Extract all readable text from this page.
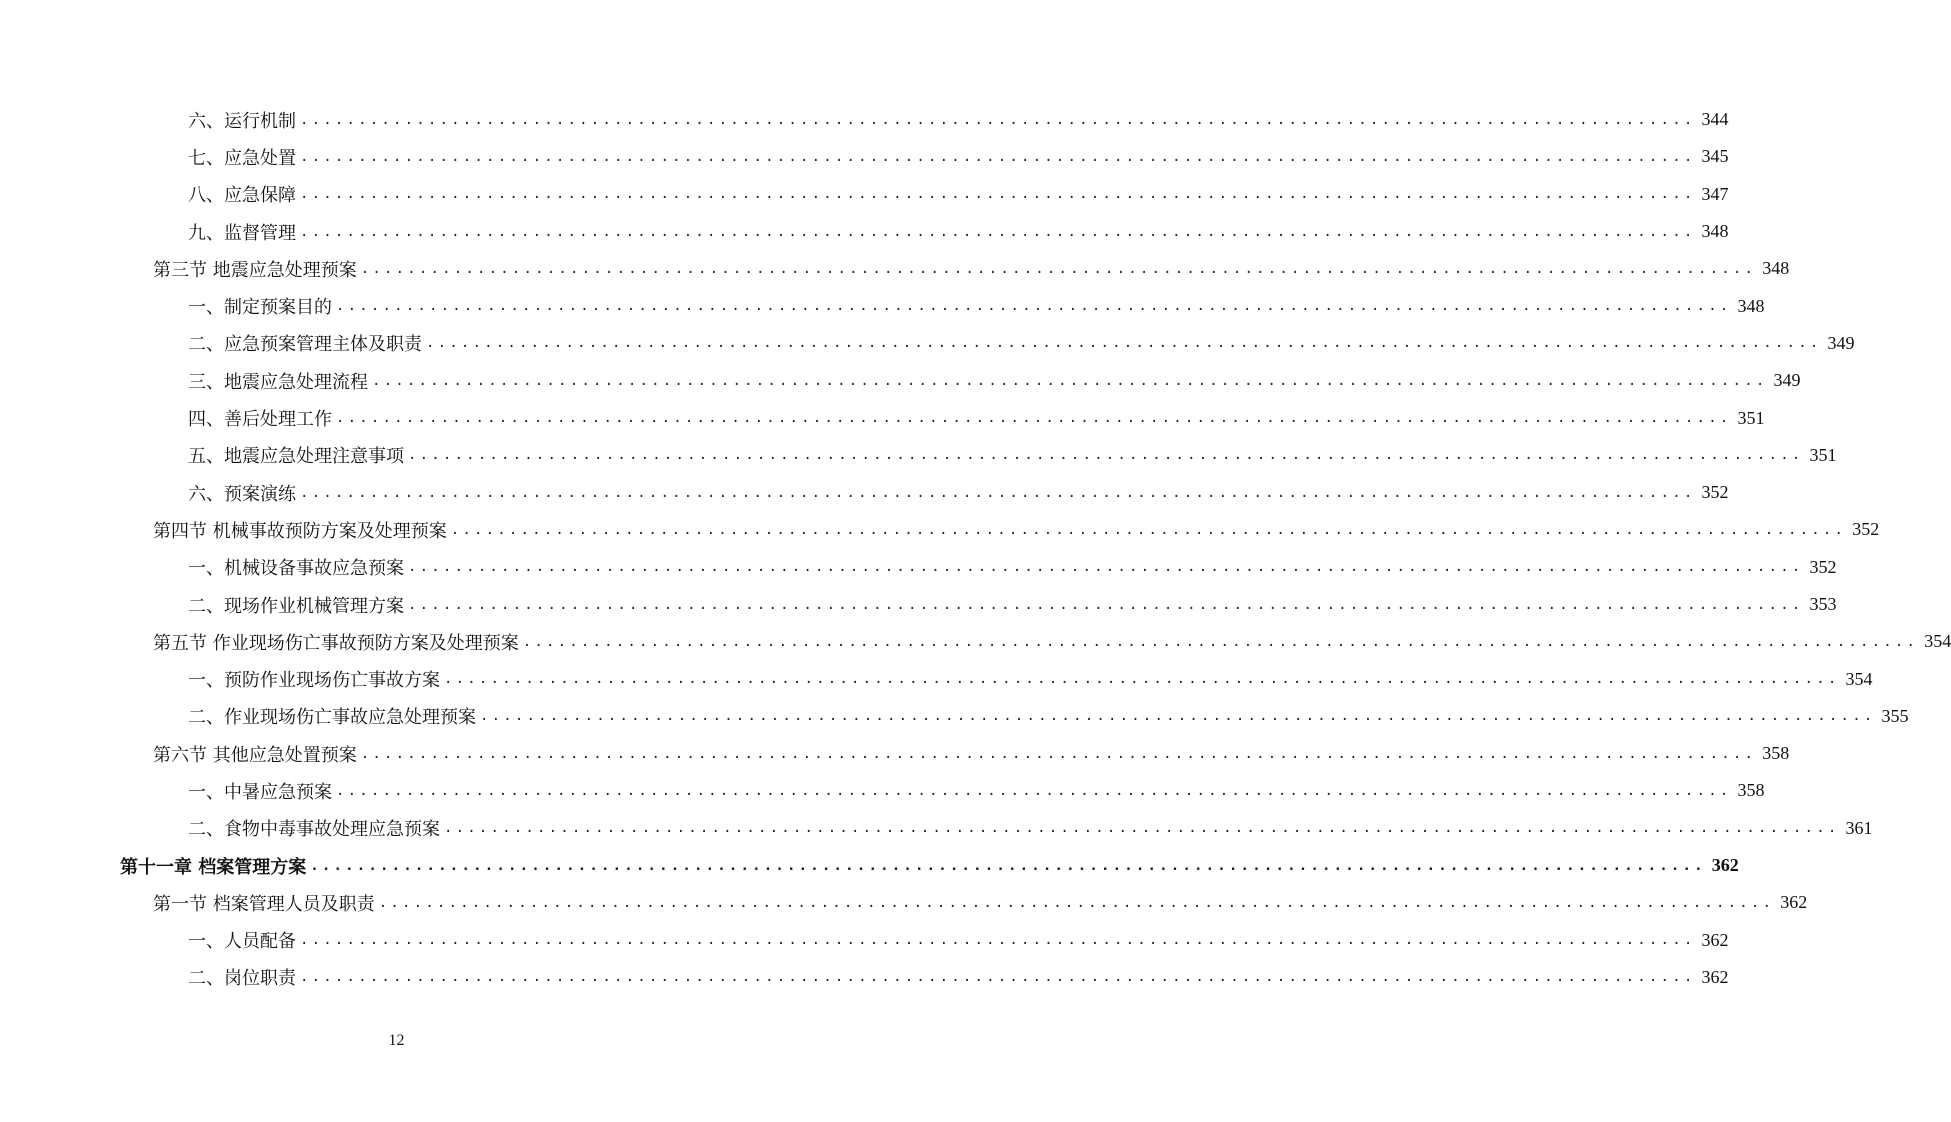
六、运行机制 ........................................................................................................................ 344
七、应急处置 ........................................................................................................................ 345
八、应急保障 ........................................................................................................................ 347
九、监督管理 ........................................................................................................................ 348
第三节 地震应急处理预案 ........................................................................................................................ 348
一、制定预案目的 ........................................................................................................................ 348
二、应急预案管理主体及职责 ........................................................................................................................ 349
三、地震应急处理流程 ........................................................................................................................ 349
四、善后处理工作 ........................................................................................................................ 351
五、地震应急处理注意事项 ........................................................................................................................ 351
六、预案演练 ........................................................................................................................ 352
第四节 机械事故预防方案及处理预案 ........................................................................................................................ 352
一、机械设备事故应急预案 ........................................................................................................................ 352
二、现场作业机械管理方案 ........................................................................................................................ 353
第五节 作业现场伤亡事故预防方案及处理预案 ........................................................................................................................ 354
一、预防作业现场伤亡事故方案 ........................................................................................................................ 354
二、作业现场伤亡事故应急处理预案 ........................................................................................................................ 355
第六节 其他应急处置预案 ........................................................................................................................ 358
一、中暑应急预案 ........................................................................................................................ 358
二、食物中毒事故处理应急预案 ........................................................................................................................ 361
第十一章 档案管理方案 ........................................................................................................................ 362
第一节 档案管理人员及职责 ........................................................................................................................ 362
一、人员配备 ........................................................................................................................ 362
二、岗位职责 ........................................................................................................................ 362
12
